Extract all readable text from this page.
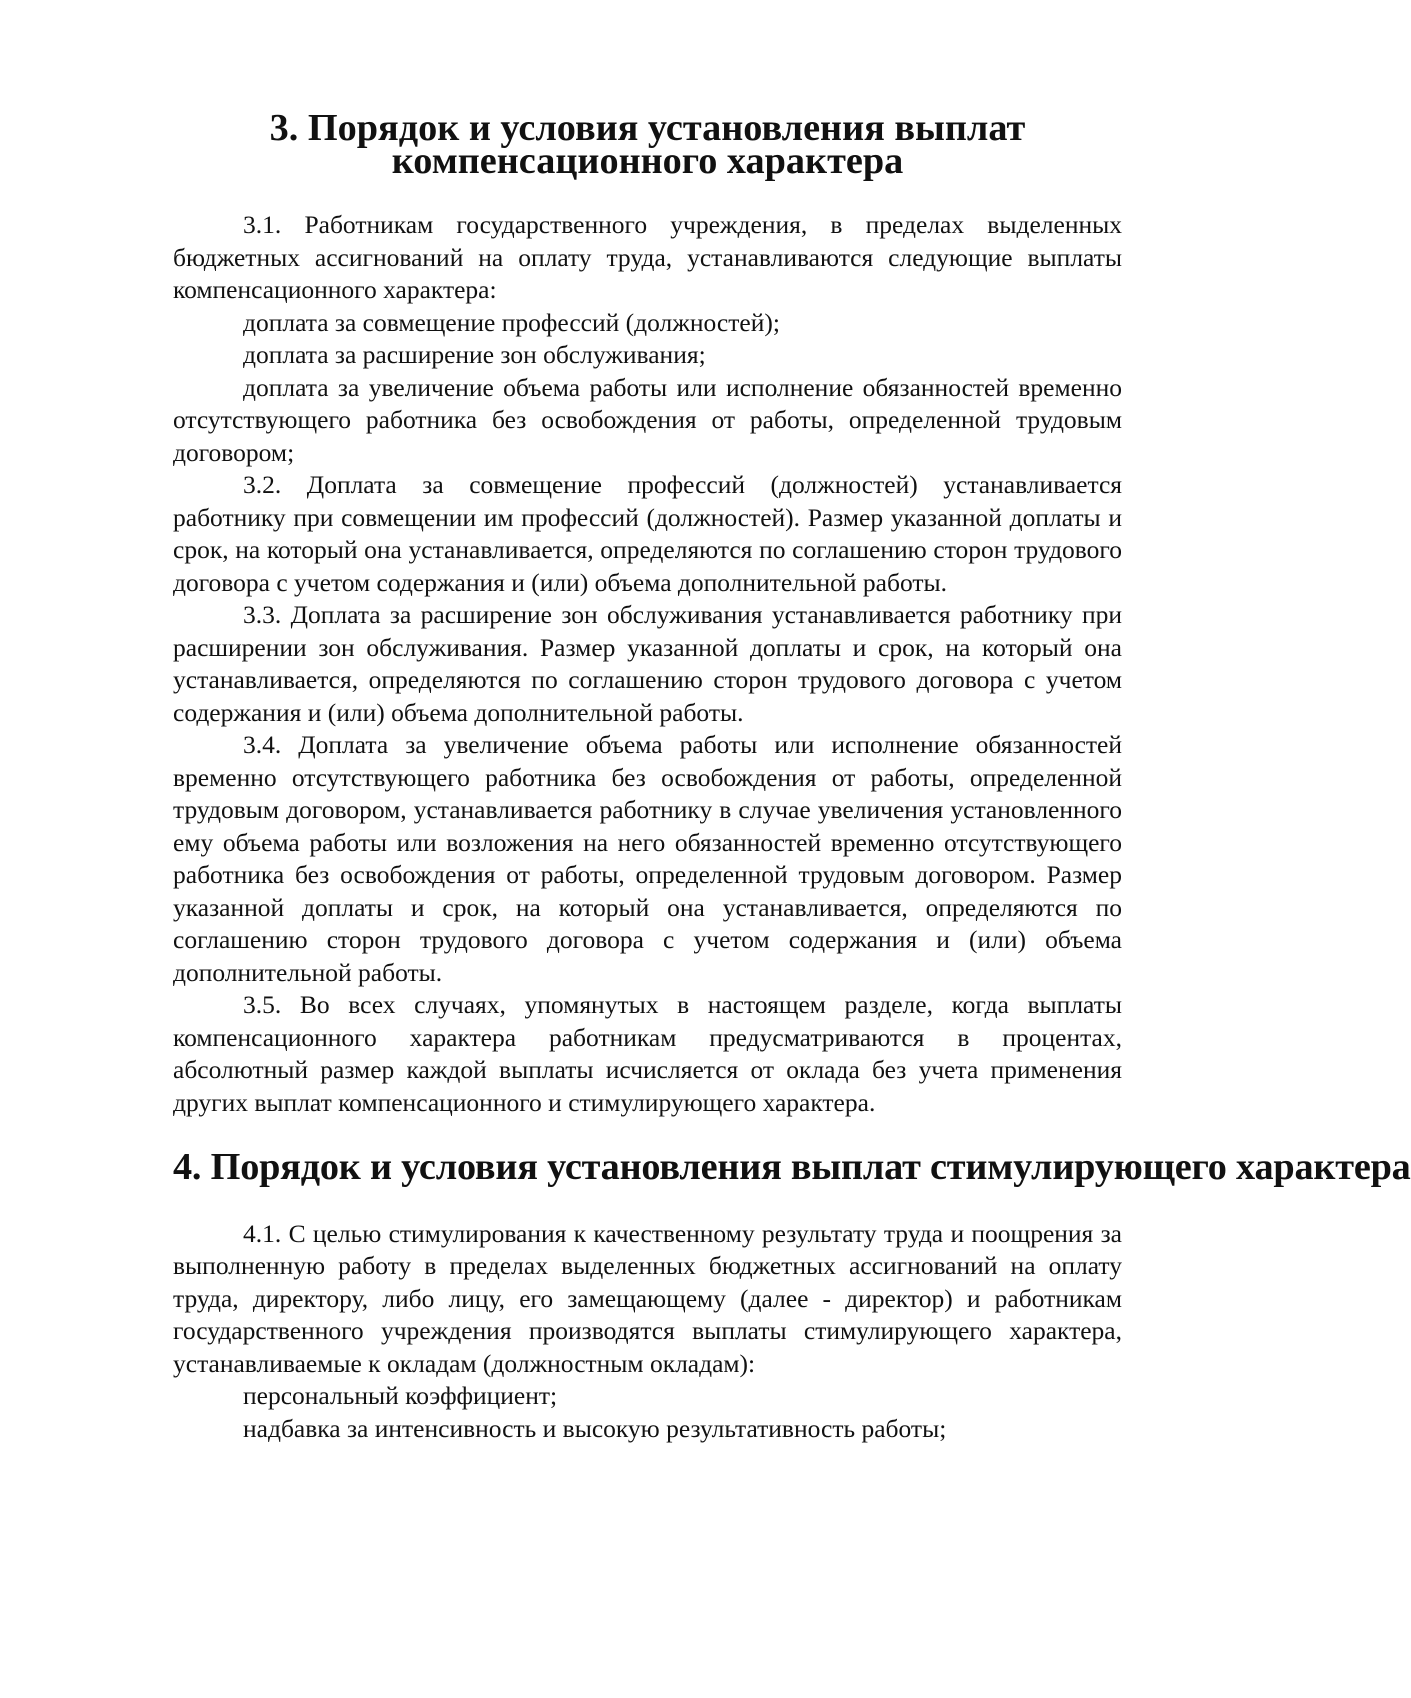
3. Порядок и условия установления выплат
компенсационного характера

3.1. Работникам государственного учреждения, в пределах выделенных бюджетных ассигнований на оплату труда, устанавливаются следующие выплаты компенсационного характера:

доплата за совмещение профессий (должностей);

доплата за расширение зон обслуживания;

доплата за увеличение объема работы или исполнение обязанностей временно отсутствующего работника без освобождения от работы, определенной трудовым договором;

3.2. Доплата за совмещение профессий (должностей) устанавливается работнику при совмещении им профессий (должностей). Размер указанной доплаты и срок, на который она устанавливается, определяются по соглашению сторон трудового договора с учетом содержания и (или) объема дополнительной работы.

3.3. Доплата за расширение зон обслуживания устанавливается работнику при расширении зон обслуживания. Размер указанной доплаты и срок, на который она устанавливается, определяются по соглашению сторон трудового договора с учетом содержания и (или) объема дополнительной работы.

3.4. Доплата за увеличение объема работы или исполнение обязанностей временно отсутствующего работника без освобождения от работы, определенной трудовым договором, устанавливается работнику в случае увеличения установленного ему объема работы или возложения на него обязанностей временно отсутствующего работника без освобождения от работы, определенной трудовым договором. Размер указанной доплаты и срок, на который она устанавливается, определяются по соглашению сторон трудового договора с учетом содержания и (или) объема дополнительной работы.

3.5. Во всех случаях, упомянутых в настоящем разделе, когда выплаты компенсационного характера работникам предусматриваются в процентах, абсолютный размер каждой выплаты исчисляется от оклада без учета применения других выплат компенсационного и стимулирующего характера.

4. Порядок и условия установления выплат стимулирующего характера

4.1. С целью стимулирования к качественному результату труда и поощрения за выполненную работу в пределах выделенных бюджетных ассигнований на оплату труда, директору, либо лицу, его замещающему (далее - директор) и работникам государственного учреждения производятся выплаты стимулирующего характера, устанавливаемые к окладам (должностным окладам):

персональный коэффициент;

надбавка за интенсивность и высокую результативность работы;
